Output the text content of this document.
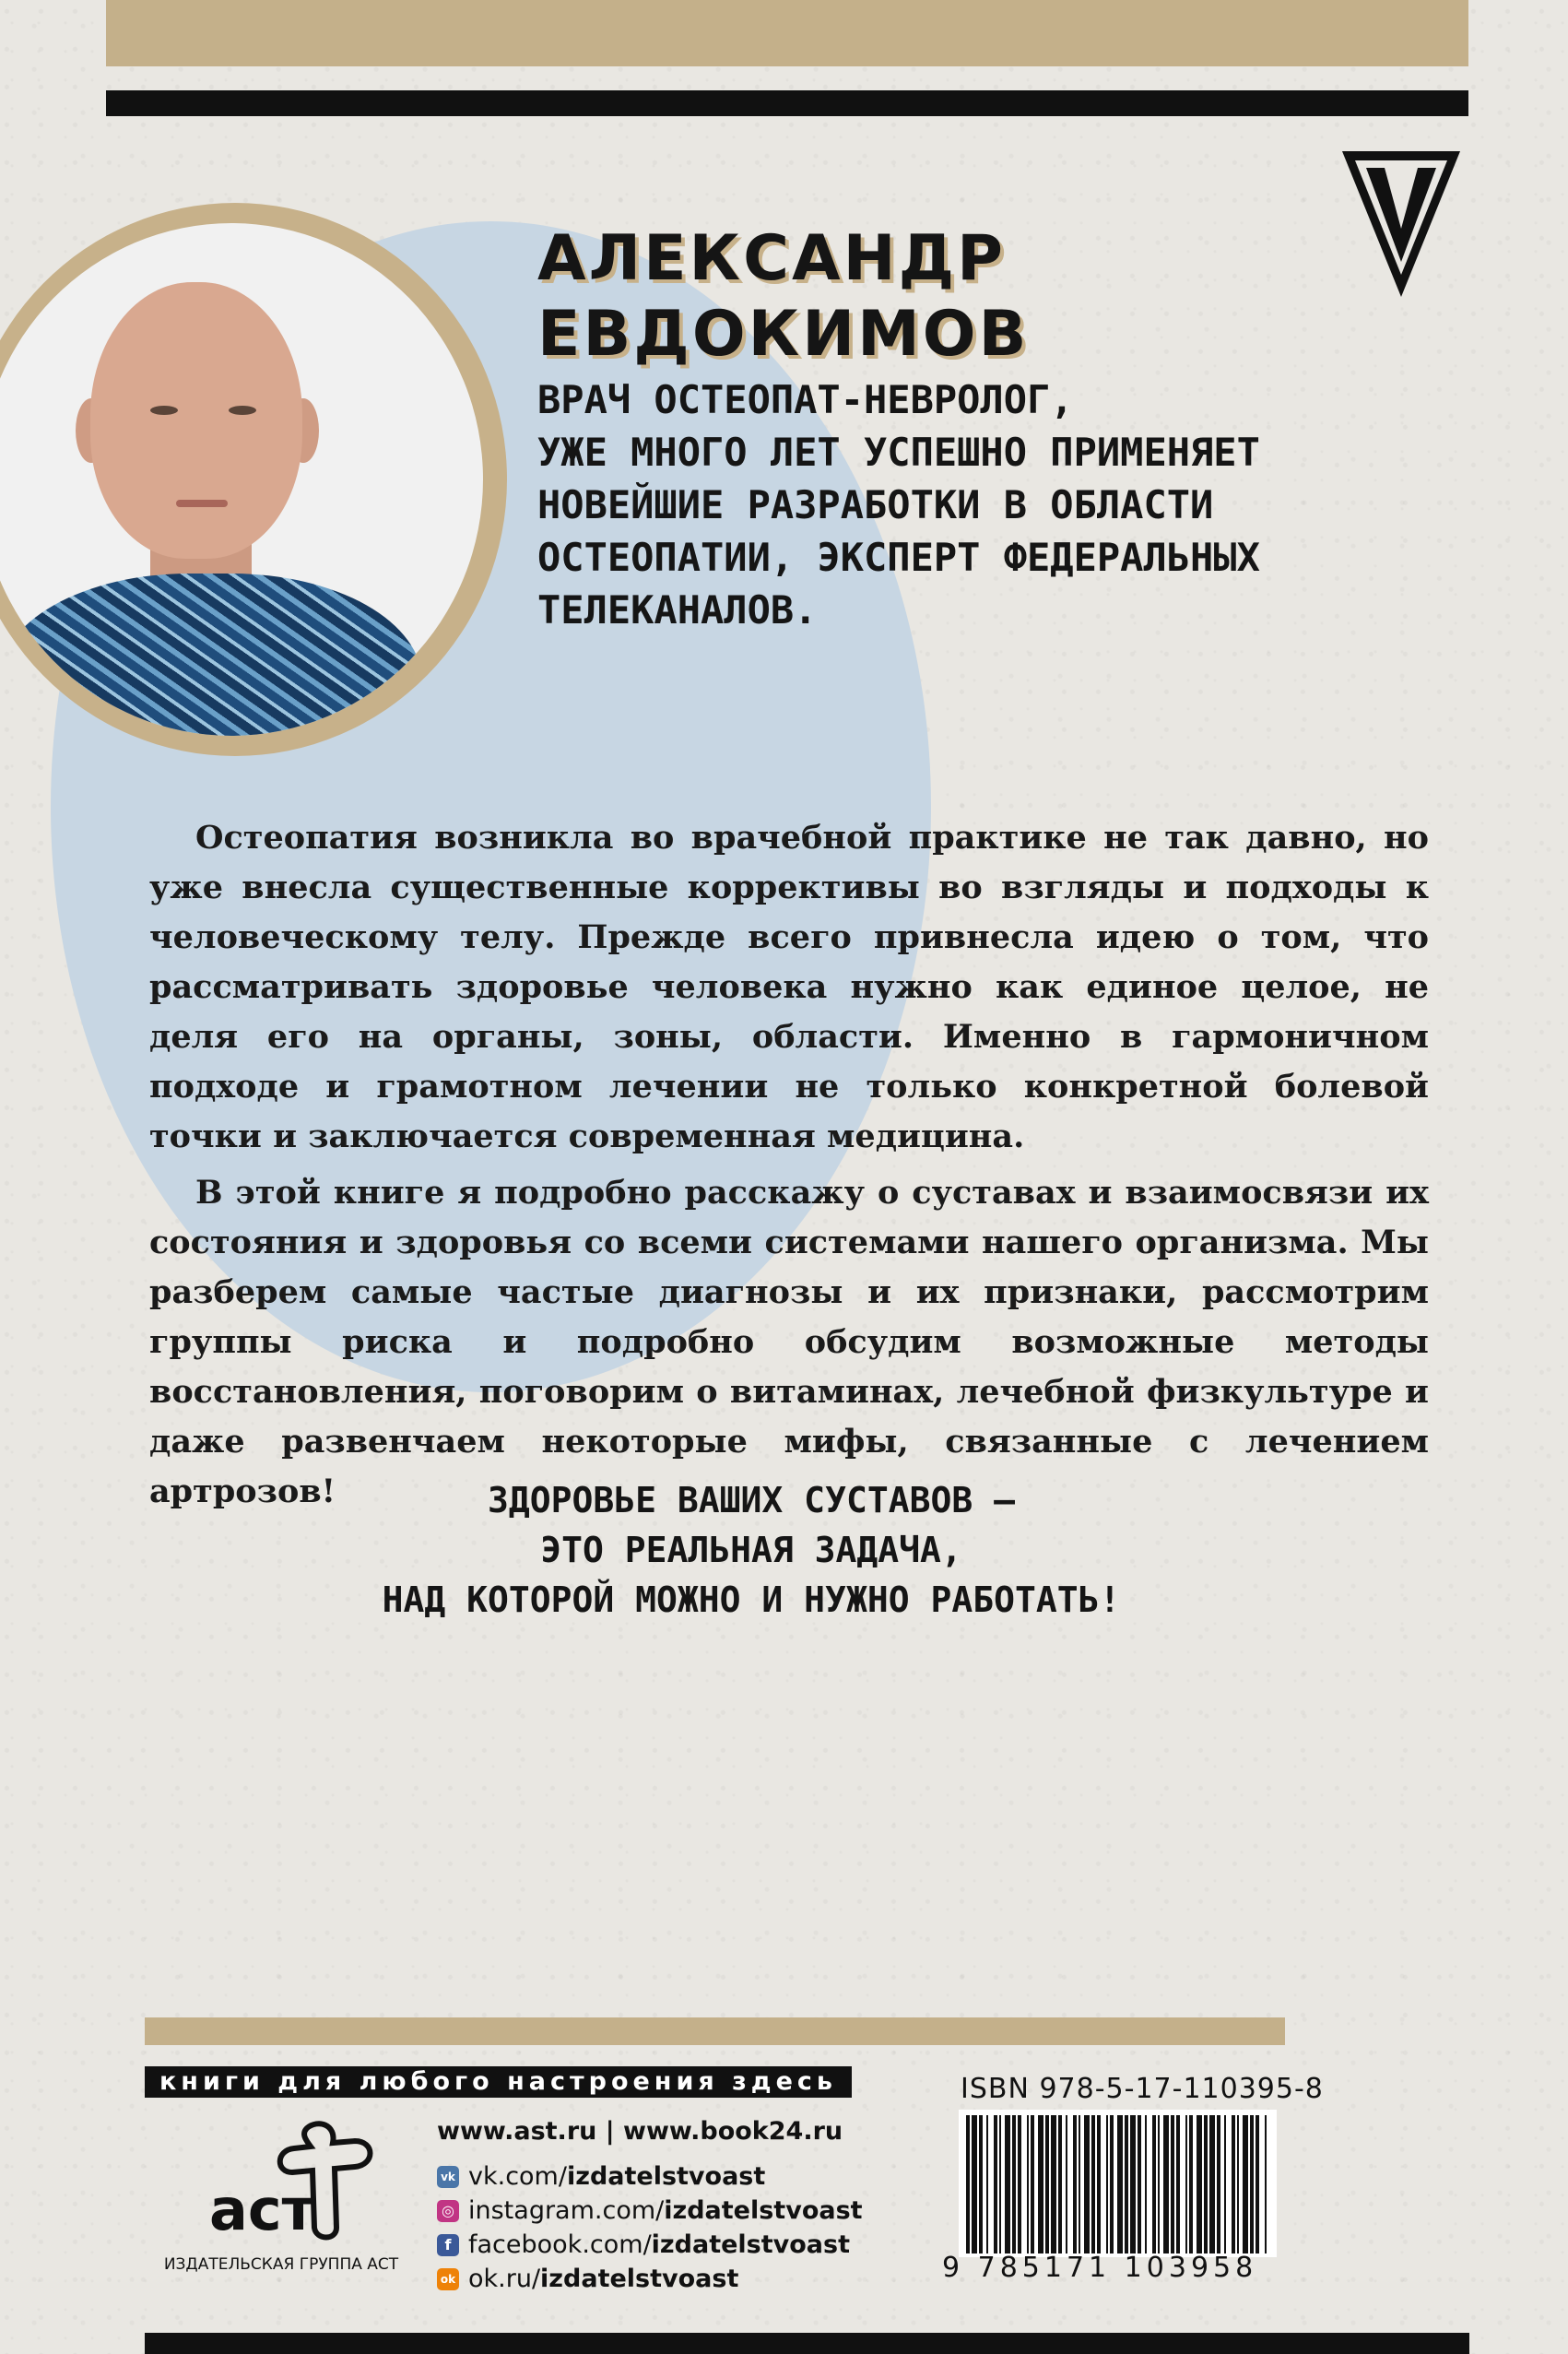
АЛЕКСАНДР
ЕВДОКИМОВ
ВРАЧ ОСТЕОПАТ-НЕВРОЛОГ,
УЖЕ МНОГО ЛЕТ УСПЕШНО ПРИМЕНЯЕТ
НОВЕЙШИЕ РАЗРАБОТКИ В ОБЛАСТИ
ОСТЕОПАТИИ, ЭКСПЕРТ ФЕДЕРАЛЬНЫХ
ТЕЛЕКАНАЛОВ.

Остеопатия возникла во врачебной практике не так давно, но уже внесла существенные коррективы во взгляды и подходы к человеческому телу. Прежде всего привнесла идею о том, что рассматривать здоровье человека нужно как единое целое, не деля его на органы, зоны, области. Именно в гармоничном подходе и грамотном лечении не только конкретной болевой точки и заключается современная медицина.

В этой книге я подробно расскажу о суставах и взаимосвязи их состояния и здоровья со всеми системами нашего организма. Мы разберем самые частые диагнозы и их признаки, рассмотрим группы риска и подробно обсудим возможные методы восстановления, поговорим о витаминах, лечебной физкультуре и даже развенчаем некоторые мифы, связанные с лечением артрозов!	ЗДОРОВЬЕ ВАШИХ СУСТАВОВ –
ЭТО РЕАЛЬНАЯ ЗАДАЧА,
НАД КОТОРОЙ МОЖНО И НУЖНО РАБОТАТЬ!
книги для любого настроения здесь
аст
ИЗДАТЕЛЬСКАЯ ГРУППА АСТ
www.ast.ru | www.book24.ru
vk vk.com/ izdatelstvoast
◎ instagram.com/ izdatelstvoast
f facebook.com/ izdatelstvoast
ok ok.ru/ izdatelstvoast
ISBN 978-5-17-110395-8
9 785171 103958
